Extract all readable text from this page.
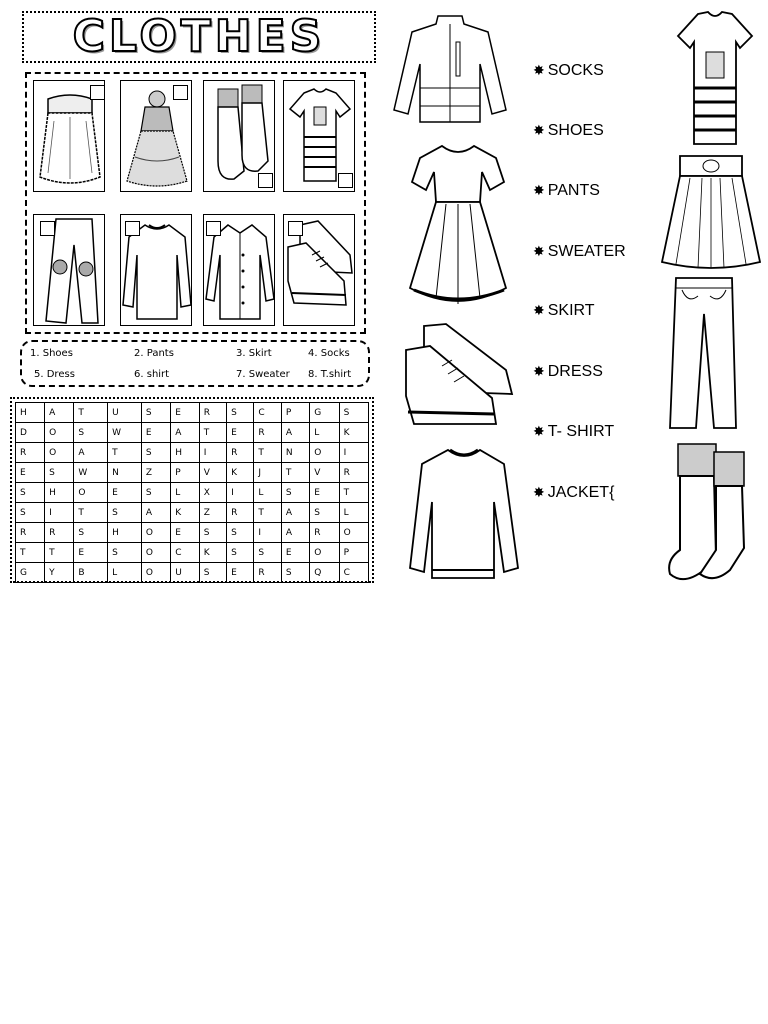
CLOTHES
1. Shoes	2. Pants	3. Skirt	4. Socks
5. Dress	6. shirt	7. Sweater 8. T.shirt
H	A	T	U	S	E	R	S	C	P	G	S
D	O	S	W	E	A	T	E	R	A	L	K
R	O	A	T	S	H	I	R	T	N	O	I
E	S	W	N	Z	P	V	K	J	T	V	R
S	H	O	E	S	L	X	I	L	S	E	T
S	I	T	S	A	K	Z	R	T	A	S	L
R	R	S	H	O	E	S	S	I	A	R	O
T	T	E	S	O	C	K	S	S	E	O	P
G	Y	B	L	O	U	S	E	R	S	Q	C
✸ SOCKS
✸ SHOES
✸ PANTS
✸ SWEATER
✸ SKIRT
✸ DRESS
✸ T- SHIRT
✸ JACKET{
